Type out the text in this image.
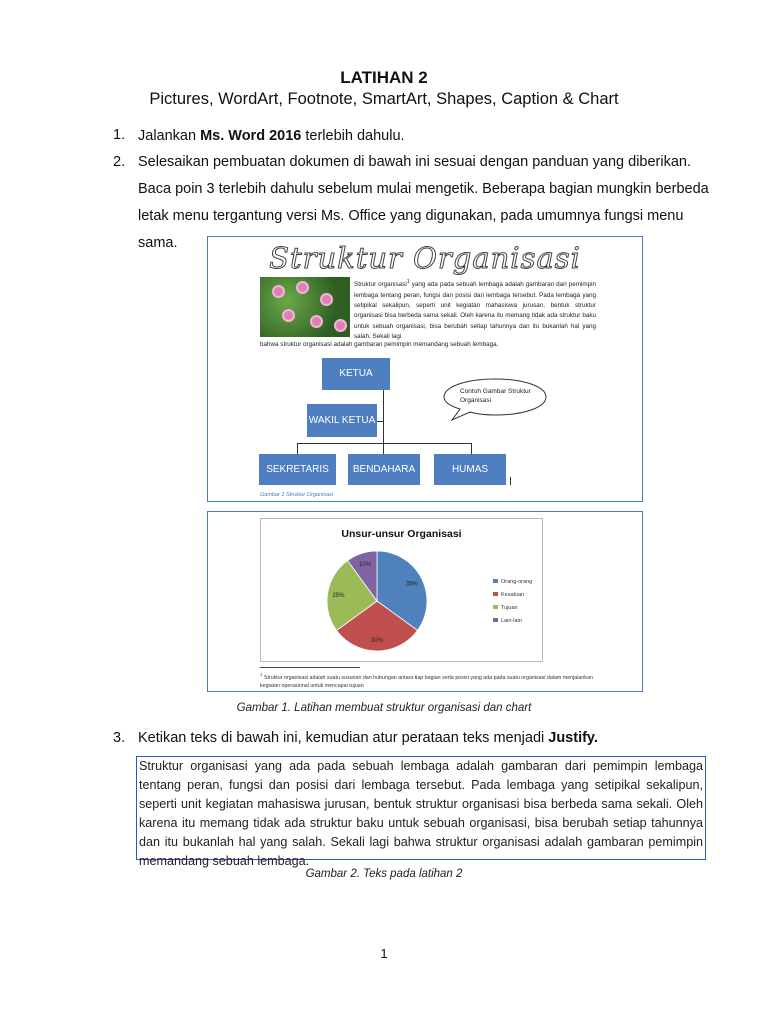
LATIHAN 2
Pictures, WordArt, Footnote, SmartArt, Shapes, Caption & Chart
1. Jalankan Ms. Word 2016 terlebih dahulu.
2. Selesaikan pembuatan dokumen di bawah ini sesuai dengan panduan yang diberikan. Baca poin 3 terlebih dahulu sebelum mulai mengetik. Beberapa bagian mungkin berbeda letak menu tergantung versi Ms. Office yang digunakan, pada umumnya fungsi menu sama.	Struktur Organisasi
Struktur organisasi$^1$ yang ada pada sebuah lembaga adalah gambaran dari pemimpin lembaga tentang peran, fungsi dan posisi dari lembaga tersebut. Pada lembaga yang setipikal sekalipun, seperti unit kegiatan mahasiswa jurusan, bentuk struktur organisasi bisa berbeda sama sekali. Oleh karena itu memang tidak ada struktur baku untuk sebuah organisasi, bisa berubah setiap tahunnya dan itu bukanlah hal yang salah. Sekali lagi
bahwa struktur organisasi adalah gambaran pemimpin memandang sebuah lembaga.
KETUA
WAKIL KETUA
SEKRETARIS	BENDAHARA	HUMAS
Contoh Gambar Struktur Organisasi
Gambar 1 Struktur Organisasi
Unsur-unsur Organisasi
35%
30%
25%
10%
Orang-orang
Kesatuan
Tujuan
Lain-lain
$^1$ Struktur organisasi adalah suatu susunan dan hubungan antara tiap bagian serta posisi yang ada pada suatu organisasi dalam menjalankan kegiatan operasional untuk mencapai tujuan
Gambar 1. Latihan membuat struktur organisasi dan chart
3. Ketikan teks di bawah ini, kemudian atur perataan teks menjadi Justify.
Struktur organisasi yang ada pada sebuah lembaga adalah gambaran dari pemimpin lembaga tentang peran, fungsi dan posisi dari lembaga tersebut. Pada lembaga yang setipikal sekalipun, seperti unit kegiatan mahasiswa jurusan, bentuk struktur organisasi bisa berbeda sama sekali. Oleh karena itu memang tidak ada struktur baku untuk sebuah organisasi, bisa berubah setiap tahunnya dan itu bukanlah hal yang salah. Sekali lagi bahwa struktur organisasi adalah gambaran pemimpin memandang sebuah lembaga.
Gambar 2. Teks pada latihan 2
1
